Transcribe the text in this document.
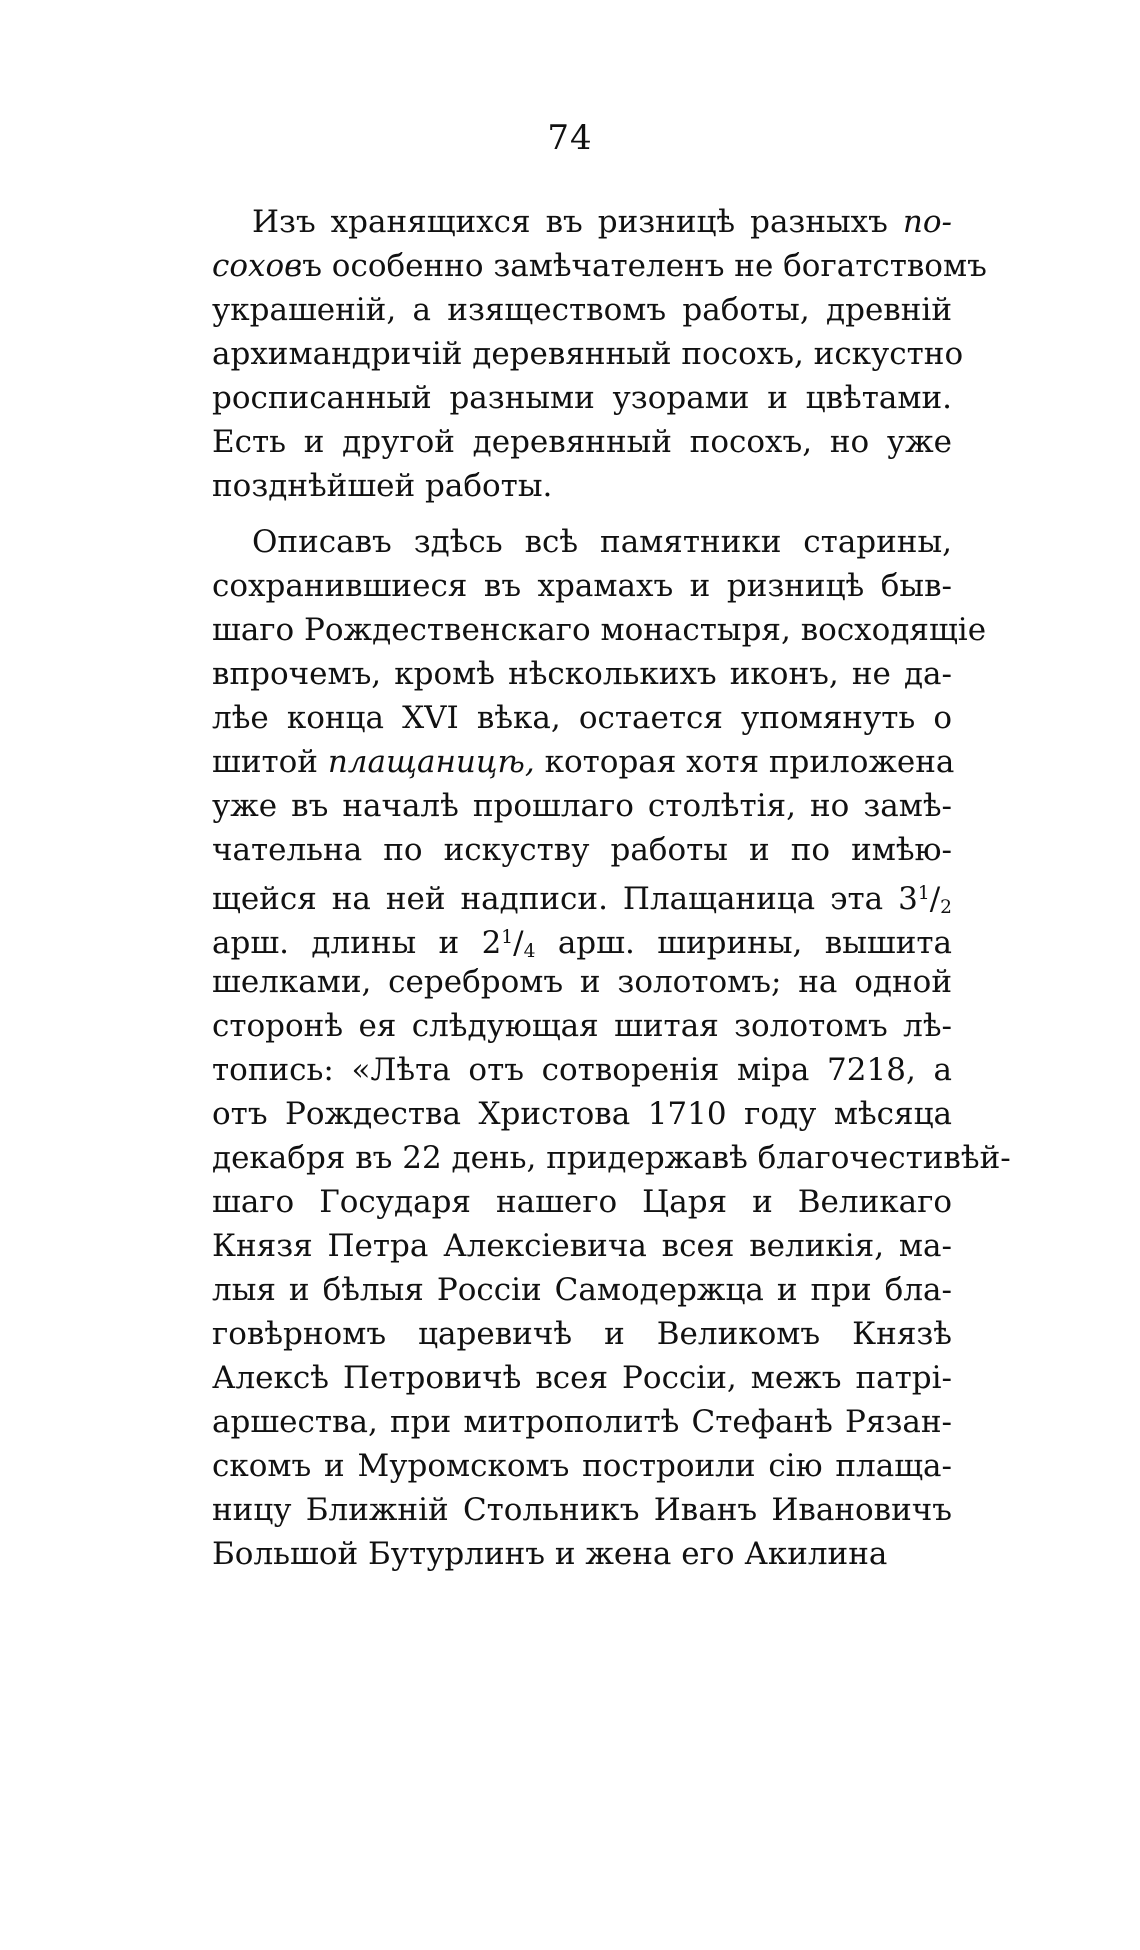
74
Изъ хранящихся въ ризницѣ разныхъ по-
соховъ особенно замѣчателенъ не богатствомъ
украшеній, а изяществомъ работы, древній
архимандричій деревянный посохъ, искустно
росписанный разными узорами и цвѣтами.
Есть и другой деревянный посохъ, но уже
позднѣйшей работы.
Описавъ здѣсь всѣ памятники старины,
сохранившиеся въ храмахъ и ризницѣ быв-
шаго Рождественскаго монастыря, восходящіе
впрочемъ, кромѣ нѣсколькихъ иконъ, не да-
лѣе конца XVI вѣка, остается упомянуть о
шитой плащаницѣ, которая хотя приложена
уже въ началѣ прошлаго столѣтія, но замѣ-
чательна по искуству работы и по имѣю-
щейся на ней надписи. Плащаница эта $3^1/2$
арш. длины и $2^1/4$ арш. ширины, вышита
шелками, серебромъ и золотомъ; на одной
сторонѣ ея слѣдующая шитая золотомъ лѣ-
топись: «Лѣта отъ сотворенія міра 7218, а
отъ Рождества Христова 1710 году мѣсяца
декабря въ 22 день, придержавѣ благочестивѣй-
шаго Государя нашего Царя и Великаго
Князя Петра Алексіевича всея великія, ма-
лыя и бѣлыя Россіи Самодержца и при бла-
говѣрномъ царевичѣ и Великомъ Князѣ
Алексѣ Петровичѣ всея Россіи, межъ патрі-
аршества, при митрополитѣ Стефанѣ Рязан-
скомъ и Муромскомъ построили сію плаща-
ницу Ближній Стольникъ Иванъ Ивановичъ
Большой Бутурлинъ и жена его Акилина
